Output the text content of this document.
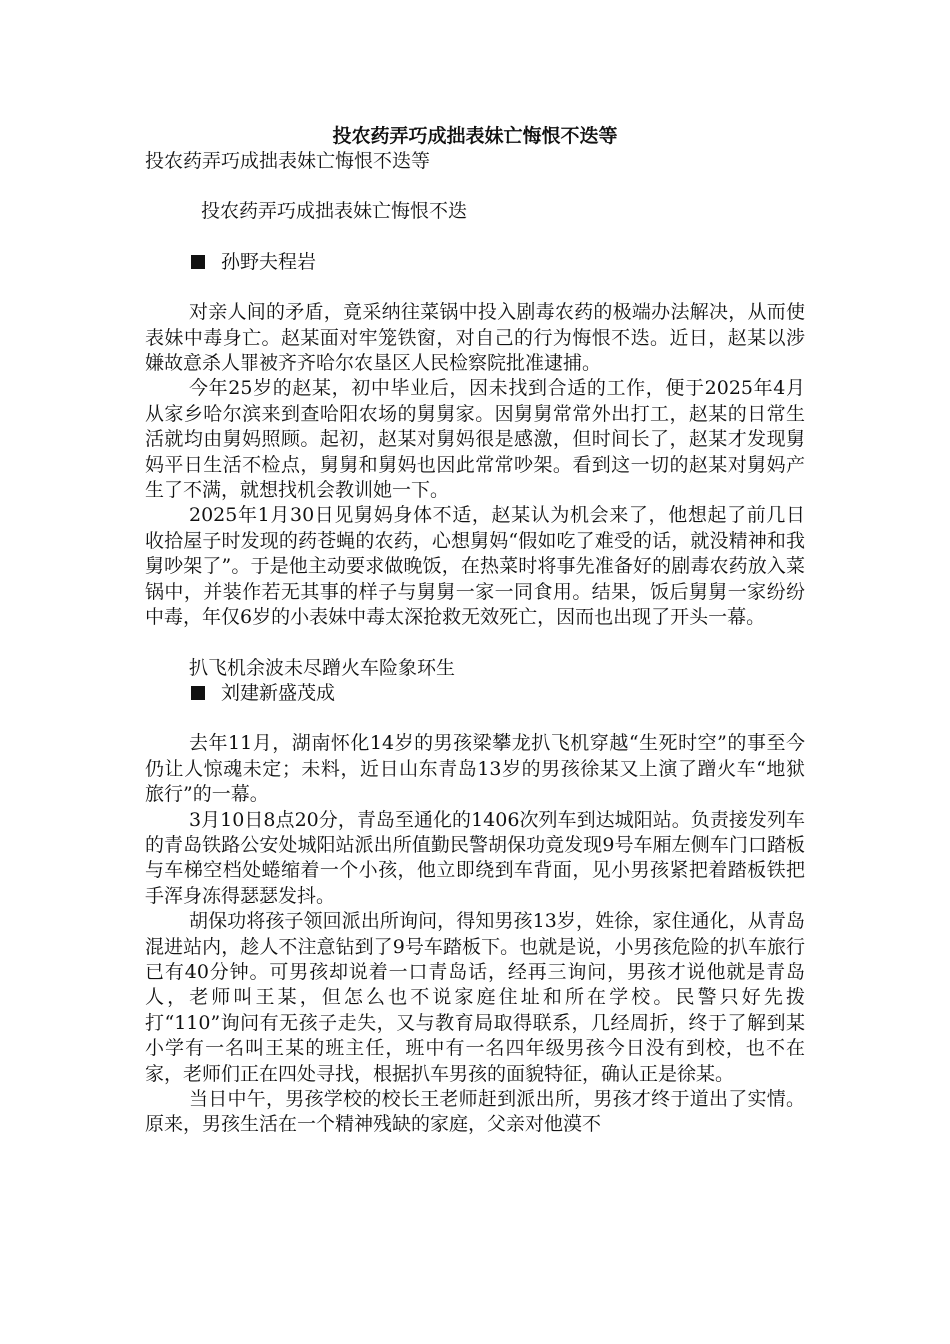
投农药弄巧成拙表妹亡悔恨不迭等

投农药弄巧成拙表妹亡悔恨不迭等

投农药弄巧成拙表妹亡悔恨不迭

孙野夫程岩

对亲人间的矛盾，竟采纳往菜锅中投入剧毒农药的极端办法解决，从而使表妹中毒身亡。赵某面对牢笼铁窗，对自己的行为悔恨不迭。近日，赵某以涉嫌故意杀人罪被齐齐哈尔农垦区人民检察院批准逮捕。

今年25岁的赵某，初中毕业后，因未找到合适的工作，便于2025年4月从家乡哈尔滨来到查哈阳农场的舅舅家。因舅舅常常外出打工，赵某的日常生活就均由舅妈照顾。起初，赵某对舅妈很是感激，但时间长了，赵某才发现舅妈平日生活不检点，舅舅和舅妈也因此常常吵架。看到这一切的赵某对舅妈产生了不满，就想找机会教训她一下。

2025年1月30日见舅妈身体不适，赵某认为机会来了，他想起了前几日收拾屋子时发现的药苍蝇的农药，心想舅妈“假如吃了难受的话，就没精神和我舅吵架了”。于是他主动要求做晚饭，在热菜时将事先准备好的剧毒农药放入菜锅中，并装作若无其事的样子与舅舅一家一同食用。结果，饭后舅舅一家纷纷中毒，年仅6岁的小表妹中毒太深抢救无效死亡，因而也出现了开头一幕。

扒飞机余波未尽蹭火车险象环生

刘建新盛茂成

去年11月，湖南怀化14岁的男孩梁攀龙扒飞机穿越“生死时空”的事至今仍让人惊魂未定；未料，近日山东青岛13岁的男孩徐某又上演了蹭火车“地狱旅行”的一幕。

3月10日8点20分，青岛至通化的1406次列车到达城阳站。负责接发列车的青岛铁路公安处城阳站派出所值勤民警胡保功竟发现9号车厢左侧车门口踏板与车梯空档处蜷缩着一个小孩，他立即绕到车背面，见小男孩紧把着踏板铁把手浑身冻得瑟瑟发抖。

胡保功将孩子领回派出所询问，得知男孩13岁，姓徐，家住通化，从青岛混进站内，趁人不注意钻到了9号车踏板下。也就是说，小男孩危险的扒车旅行已有40分钟。可男孩却说着一口青岛话，经再三询问，男孩才说他就是青岛人，老师叫王某，但怎么也不说家庭住址和所在学校。民警只好先拨打“110”询问有无孩子走失，又与教育局取得联系，几经周折，终于了解到某小学有一名叫王某的班主任，班中有一名四年级男孩今日没有到校，也不在家，老师们正在四处寻找，根据扒车男孩的面貌特征，确认正是徐某。

当日中午，男孩学校的校长王老师赶到派出所，男孩才终于道出了实情。原来，男孩生活在一个精神残缺的家庭，父亲对他漠不
